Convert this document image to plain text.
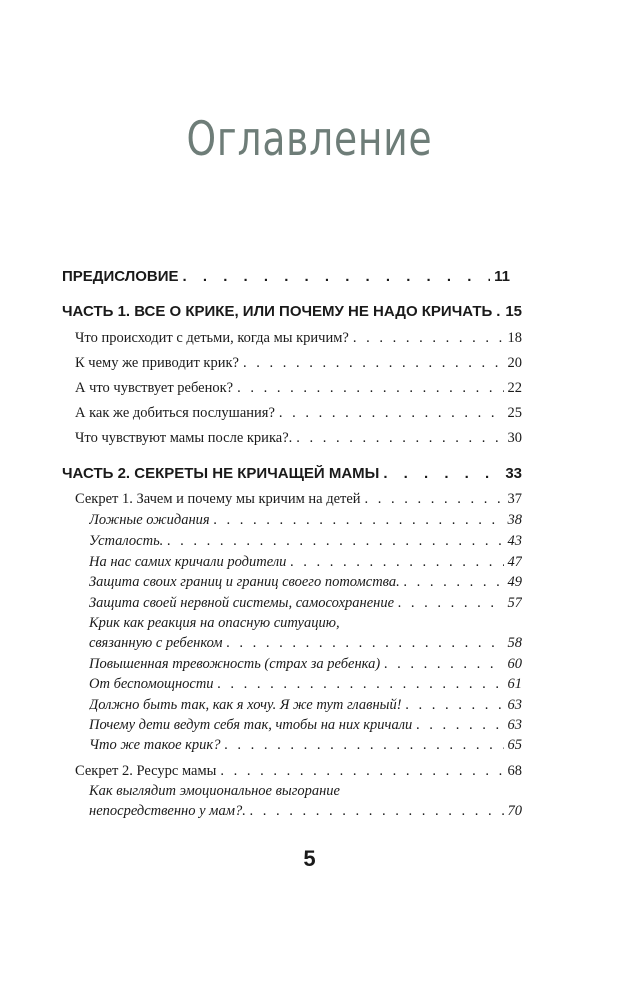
Оглавление
ПРЕДИСЛОВИЕ . . .	11
ЧАСТЬ 1. ВСЕ О КРИКЕ, ИЛИ ПОЧЕМУ НЕ НАДО КРИЧАТЬ . . . 15
Что происходит с детьми, когда мы кричим? . . .	18
К чему же приводит крик? . . .	20
А что чувствует ребенок? . . .	22
А как же добиться послушания? . . .	25
Что чувствуют мамы после крика?. . . .	30
ЧАСТЬ 2. СЕКРЕТЫ НЕ КРИЧАЩЕЙ МАМЫ . . .	33
Секрет 1. Зачем и почему мы кричим на детей . . .	37
Ложные ожидания . . .	38
Усталость. . . .	43
На нас самих кричали родители . . .	47
Защита своих границ и границ своего потомства. . . .	49
Защита своей нервной системы, самосохранение . . .	57
Крик как реакция на опасную ситуацию,
связанную с ребенком . . .	58
Повышенная тревожность (страх за ребенка) . . .	60
От беспомощности . . .	61
Должно быть так, как я хочу. Я же тут главный! . . .	63
Почему дети ведут себя так, чтобы на них кричали . . .	63
Что же такое крик? . . .	65
Секрет 2. Ресурс мамы . . .	68
Как выглядит эмоциональное выгорание
непосредственно у мам?. . . .	70
5
